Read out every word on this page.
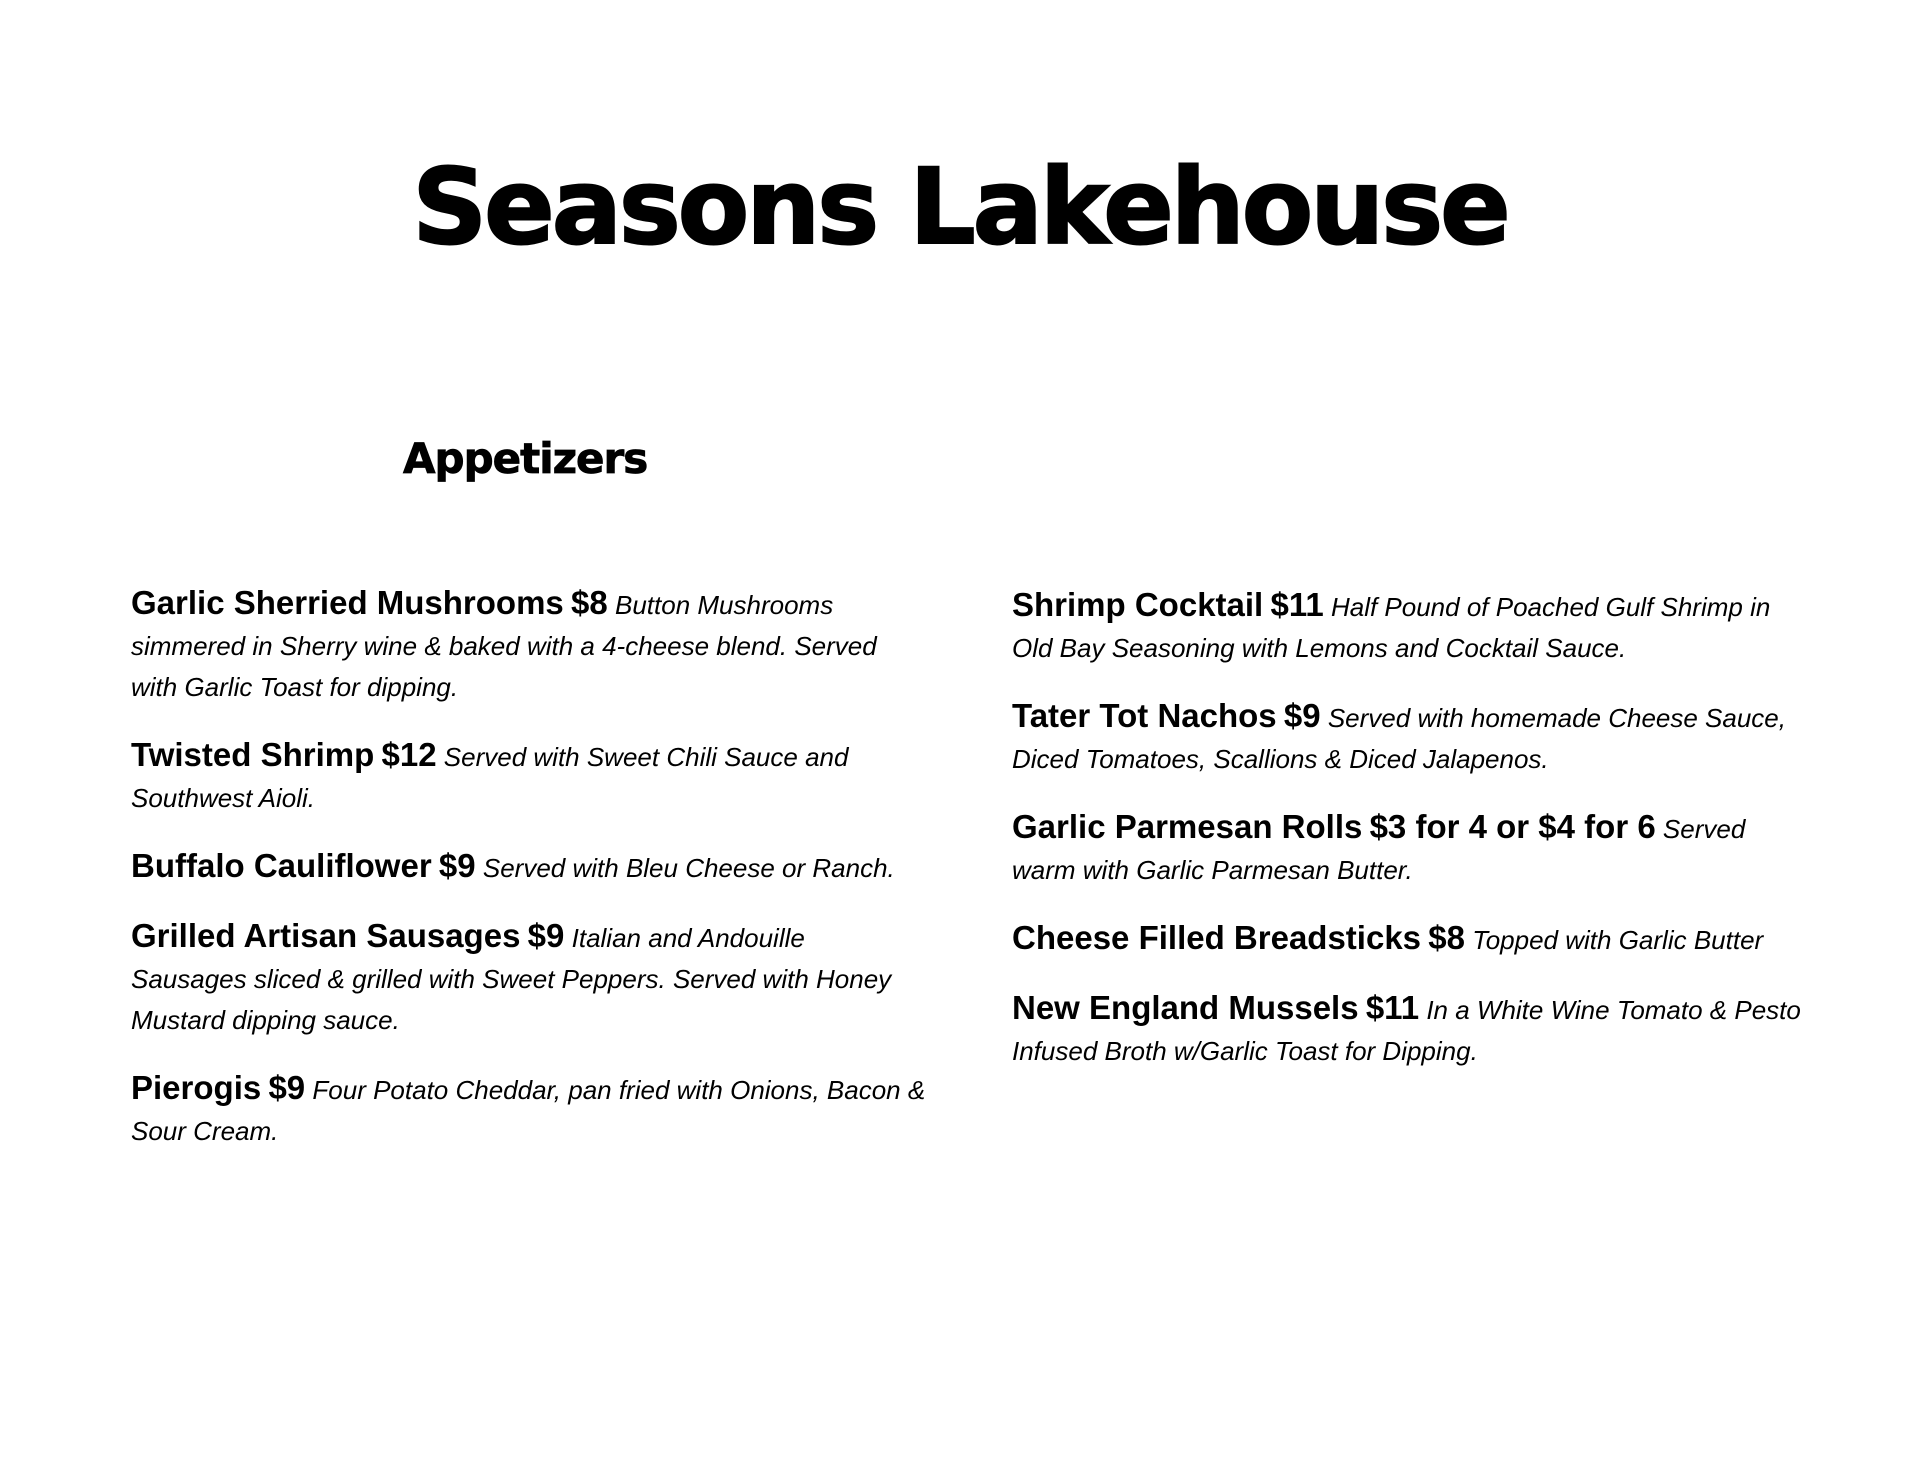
Seasons Lakehouse
Appetizers

Garlic Sherried Mushrooms $8 Button Mushrooms simmered in Sherry wine & baked with a 4-cheese blend. Served with Garlic Toast for dipping.

Twisted Shrimp $12 Served with Sweet Chili Sauce and Southwest Aioli.

Buffalo Cauliflower $9 Served with Bleu Cheese or Ranch.

Grilled Artisan Sausages $9 Italian and Andouille Sausages sliced & grilled with Sweet Peppers. Served with Honey Mustard dipping sauce.

Pierogis $9 Four Potato Cheddar, pan fried with Onions, Bacon & Sour Cream.

Shrimp Cocktail $11 Half Pound of Poached Gulf Shrimp in Old Bay Seasoning with Lemons and Cocktail Sauce.

Tater Tot Nachos $9 Served with homemade Cheese Sauce, Diced Tomatoes, Scallions & Diced Jalapenos.

Garlic Parmesan Rolls $3 for 4 or $4 for 6 Served warm with Garlic Parmesan Butter.

Cheese Filled Breadsticks $8 Topped with Garlic Butter

New England Mussels $11 In a White Wine Tomato & Pesto Infused Broth w/Garlic Toast for Dipping.
